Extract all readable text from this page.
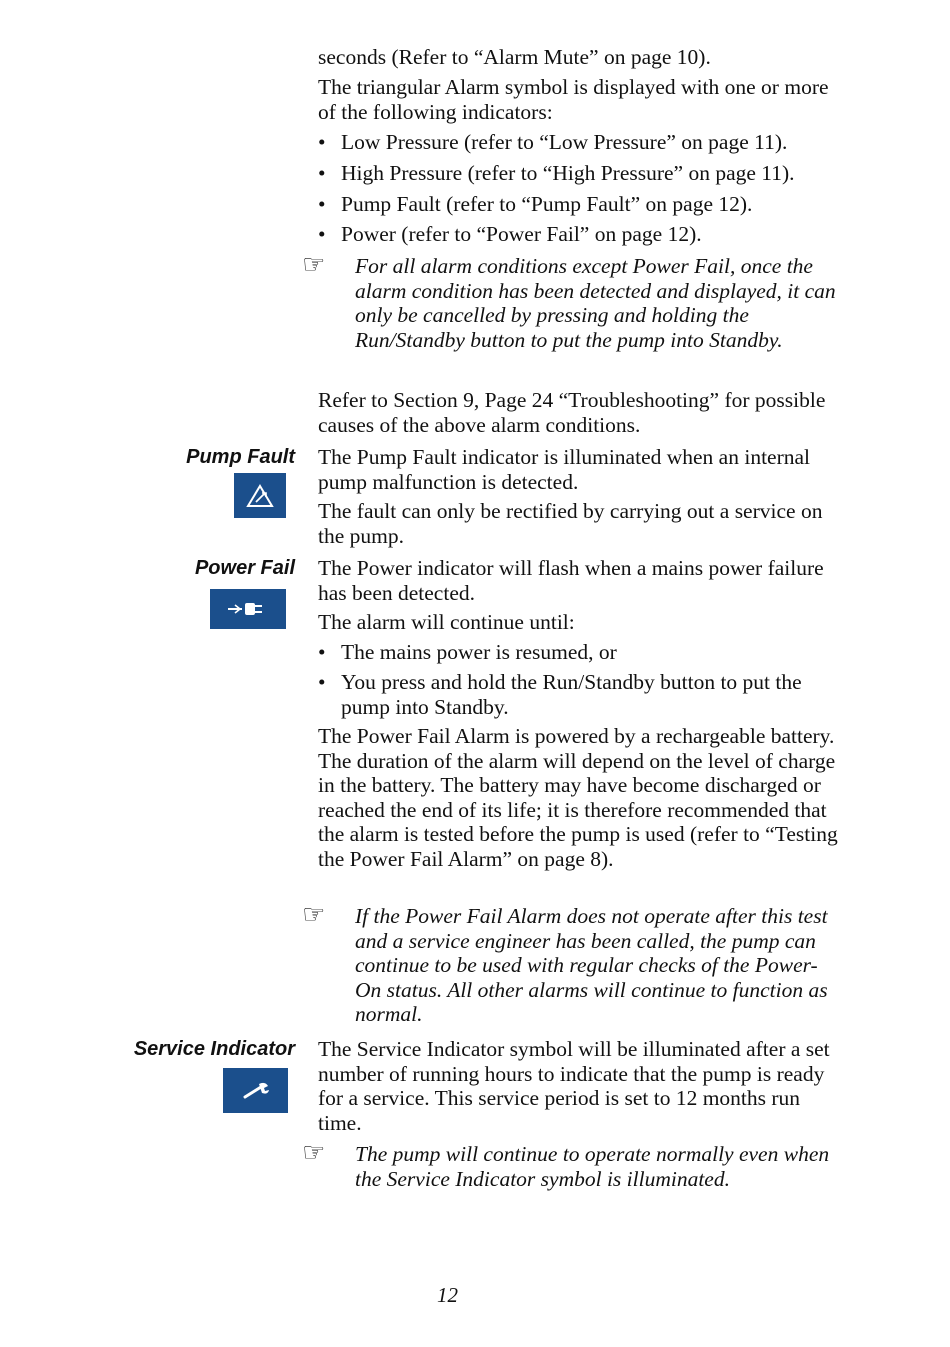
seconds (Refer to “Alarm Mute” on page 10).

The triangular Alarm symbol is displayed with one or more of the following indicators:

• Low Pressure (refer to “Low Pressure” on page 11).
• High Pressure (refer to “High Pressure” on page 11).
• Pump Fault (refer to “Pump Fault” on page 12).
• Power (refer to “Power Fail” on page 12).
☞ For all alarm conditions except Power Fail, once the alarm condition has been detected and displayed, it can only be cancelled by pressing and holding the Run/Standby button to put the pump into Standby.

Refer to Section 9, Page 24 “Troubleshooting” for possible causes of the above alarm conditions.

Pump Fault The Pump Fault indicator is illuminated when an internal pump malfunction is detected.

The fault can only be rectified by carrying out a service on the pump.

Power Fail The Power indicator will flash when a mains power failure has been detected.

The alarm will continue until:

• The mains power is resumed, or
• You press and hold the Run/Standby button to put the pump into Standby.

The Power Fail Alarm is powered by a rechargeable battery. The duration of the alarm will depend on the level of charge in the battery. The battery may have become discharged or reached the end of its life; it is therefore recommended that the alarm is tested before the pump is used (refer to “Testing the Power Fail Alarm” on page 8).

☞ If the Power Fail Alarm does not operate after this test and a service engineer has been called, the pump can continue to be used with regular checks of the Power-On status. All other alarms will continue to function as normal.
Service Indicator The Service Indicator symbol will be illuminated after a set number of running hours to indicate that the pump is ready for a service. This service period is set to 12 months run time.

☞ The pump will continue to operate normally even when the Service Indicator symbol is illuminated.
12
